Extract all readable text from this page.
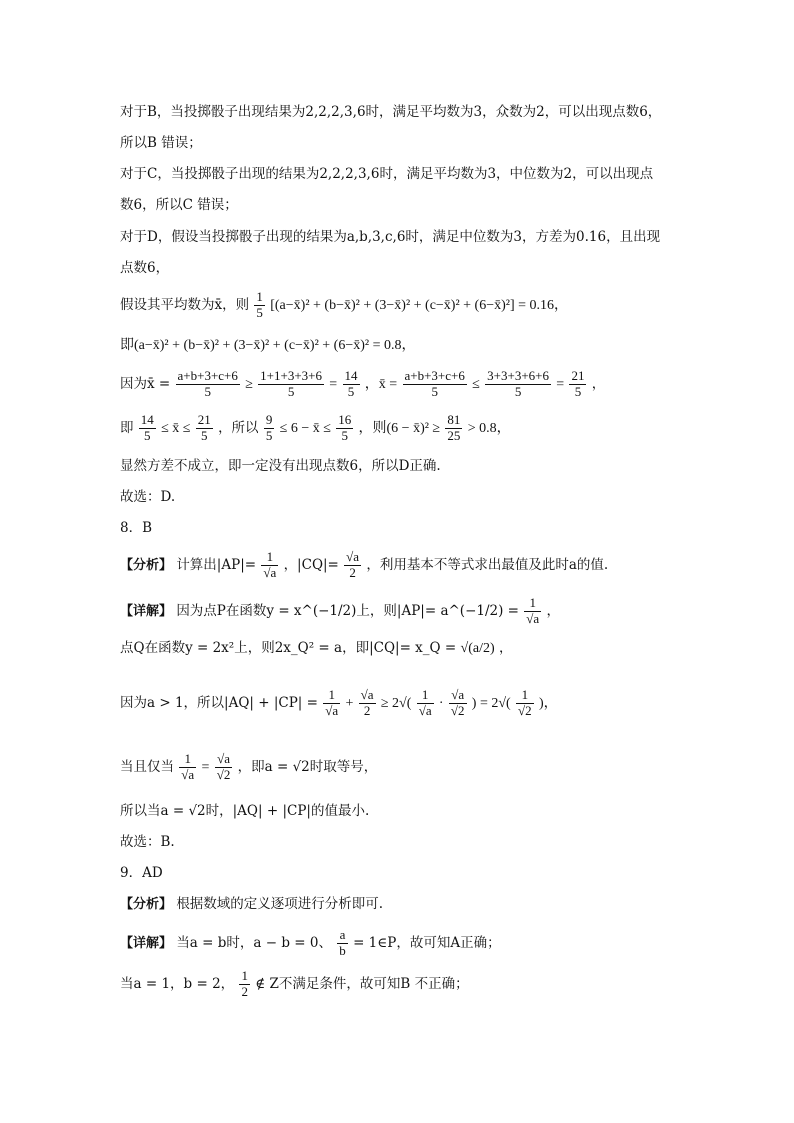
对于B，当投掷骰子出现结果为2,2,2,3,6时，满足平均数为3，众数为2，可以出现点数6，
所以B 错误；
对于C，当投掷骰子出现的结果为2,2,2,3,6时，满足平均数为3，中位数为2，可以出现点
数6，所以C 错误；
对于D，假设当投掷骰子出现的结果为a,b,3,c,6时，满足中位数为3，方差为0.16，且出现
点数6，
假设其平均数为x̄，则 $\frac{1}{5}$ [(a−x̄)² + (b−x̄)² + (3−x̄)² + (c−x̄)² + (6−x̄)²] = 0.16，
即(a−x̄)² + (b−x̄)² + (3−x̄)² + (c−x̄)² + (6−x̄)² = 0.8，
因为x̄ = $\frac{a+b+3+c+6}{5} \ge \frac{1+1+3+3+6}{5} = \frac{14}{5}$ ，x̄ = $\frac{a+b+3+c+6}{5} \le \frac{3+3+3+6+6}{5} = \frac{21}{5}$ ，
即 $\frac{14}{5}$ ≤ x̄ ≤ $\frac{21}{5}$ ，所以 $\frac{9}{5} \le 6$ − x̄ ≤ $\frac{16}{5}$ ，则(6 − x̄)² ≥ $\frac{81}{25} > 0.8$，
显然方差不成立，即一定没有出现点数6，所以D正确.
故选：D.
8．B
【分析】 计算出$|AP|= \frac{1}{√a}$ ，$|CQ|= \frac{√a}{2}$ ，利用基本不等式求出最值及此时a的值.
【详解】 因为点P在函数y = x^(−1/2)上，则|AP|= a^(−1/2) = $\frac{1}{√a}$ ，
点Q在函数y = 2x²上，则2x_Q² = a，即|CQ|= x_Q = √(a/2) ，
因为a > 1，所以$|AQ| + |CP| = \frac{1}{√a} + \frac{√a}{2} \ge 2√( \frac{1}{√a} \cdot \frac{√a}{√2}$ ) = $2√( \frac{1}{√2}$ )，
当且仅当 $\frac{1}{√a} = \frac{√a}{√2}$ ，即a = √2时取等号，
所以当a = √2时，|AQ| + |CP|的值最小.
故选：B.
9．AD
【分析】 根据数域的定义逐项进行分析即可.
【详解】 当a = b时，a − b = 0、 $\frac{a}{b}$ = 1∈P，故可知A正确；
当a = 1，b = 2， $\frac{1}{2}$ ∉ Z不满足条件，故可知B 不正确；
